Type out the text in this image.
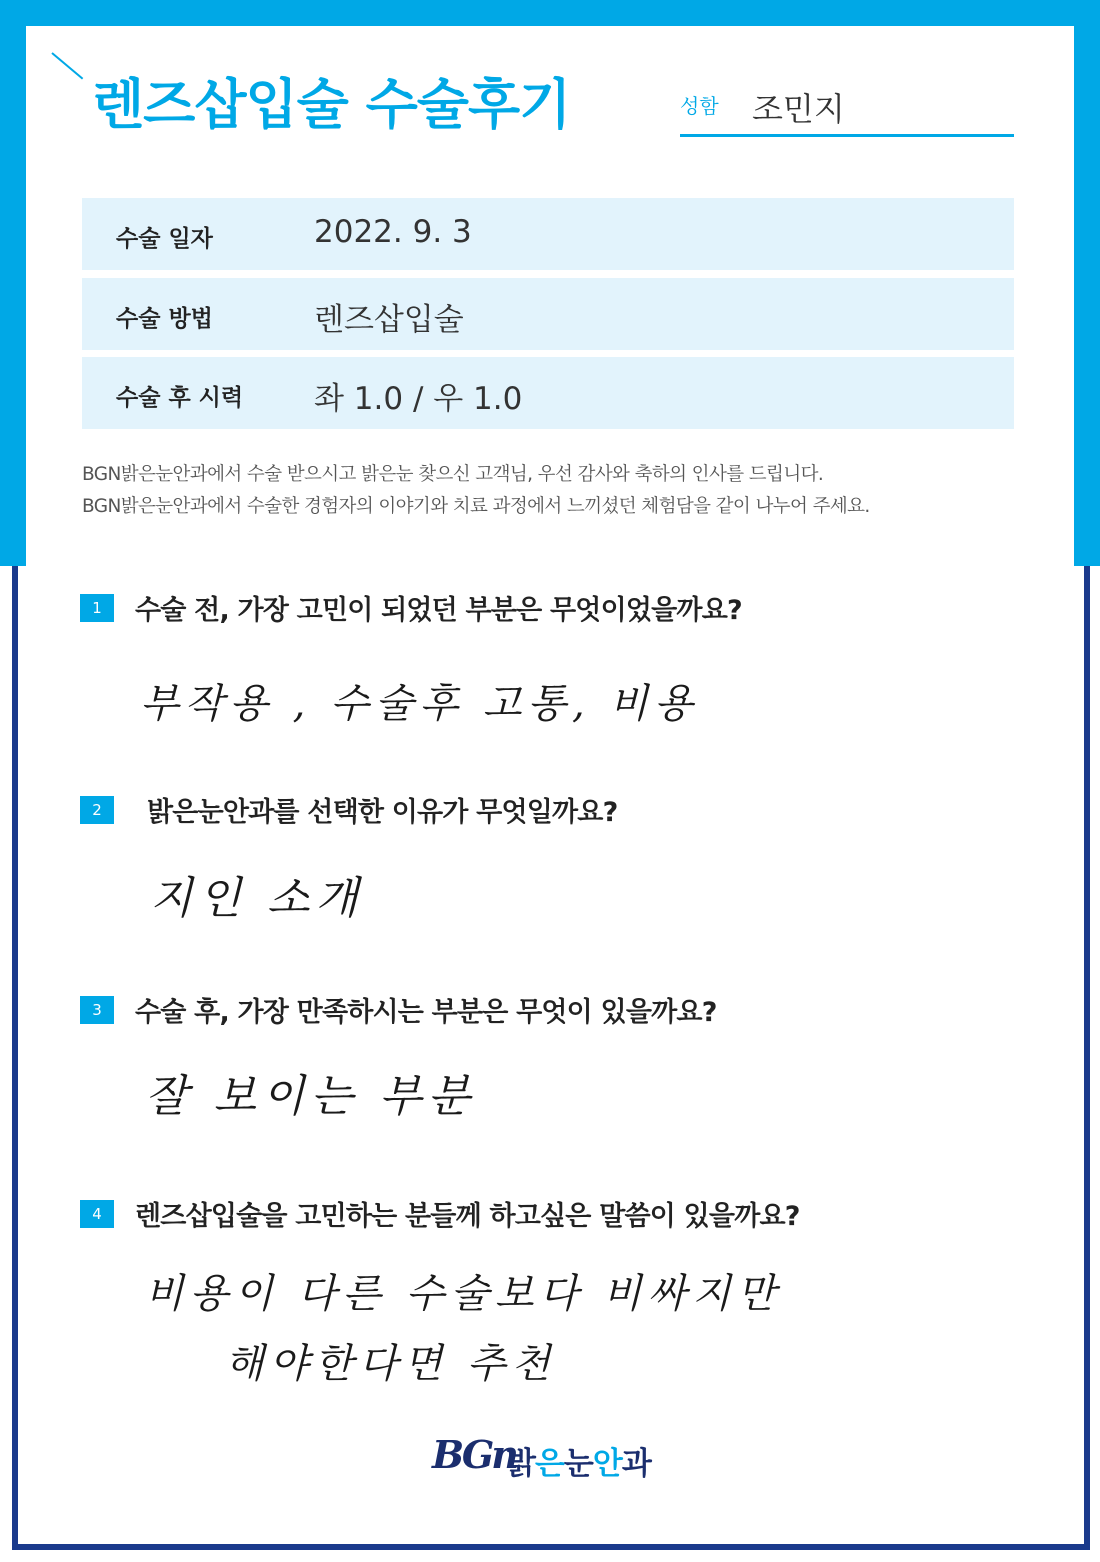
렌즈삽입술 수술후기	성함 조민지
수술 일자	2022. 9. 3
수술 방법	렌즈삽입술
수술 후 시력 좌 1.0 / 우 1.0
BGN밝은눈안과에서 수술 받으시고 밝은눈 찾으신 고객님, 우선 감사와 축하의 인사를 드립니다.
BGN밝은눈안과에서 수술한 경험자의 이야기와 치료 과정에서 느끼셨던 체험담을 같이 나누어 주세요.
1	수술 전, 가장 고민이 되었던 부분은 무엇이었을까요?
부작용 , 수술후 고통, 비용
2	밝은눈안과를 선택한 이유가 무엇일까요?
지인 소개
3	수술 후, 가장 만족하시는 부분은 무엇이 있을까요?
잘 보이는 부분
4	렌즈삽입술을 고민하는 분들께 하고싶은 말씀이 있을까요?
비용이 다른 수술보다 비싸지만
해야한다면 추천
BGn
밝은눈안과
